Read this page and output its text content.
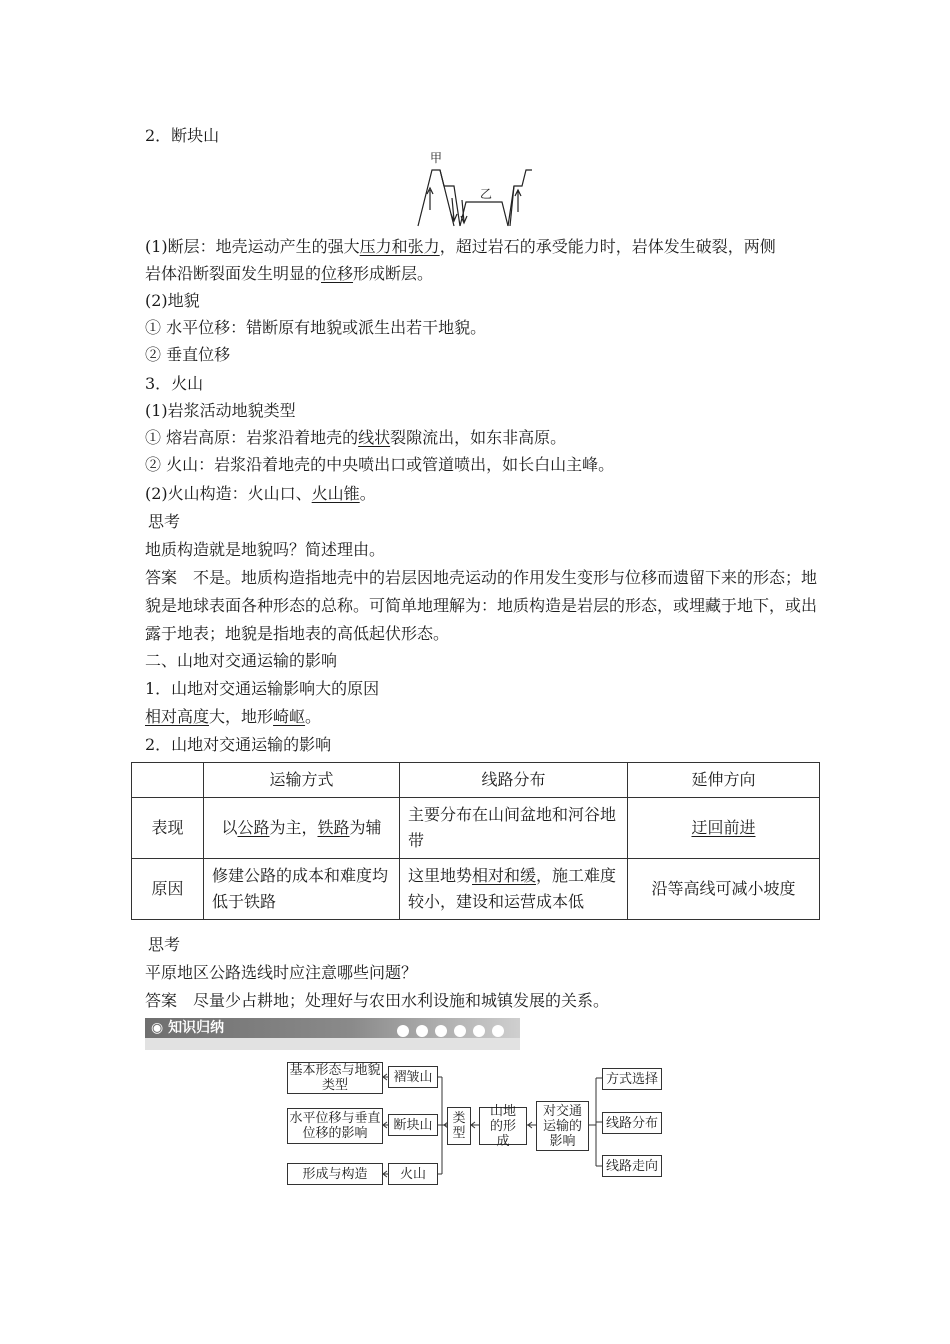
2．断块山
甲
乙
(1)断层：地壳运动产生的强大压力和张力，超过岩石的承受能力时，岩体发生破裂，两侧
岩体沿断裂面发生明显的位移形成断层。
(2)地貌
① 水平位移：错断原有地貌或派生出若干地貌。
② 垂直位移
3．火山
(1)岩浆活动地貌类型
① 熔岩高原：岩浆沿着地壳的线状裂隙流出，如东非高原。
② 火山：岩浆沿着地壳的中央喷出口或管道喷出，如长白山主峰。
(2)火山构造：火山口、火山锥。
思考
地质构造就是地貌吗？简述理由。
答案　不是。地质构造指地壳中的岩层因地壳运动的作用发生变形与位移而遗留下来的形态；地貌是地球表面各种形态的总称。可简单地理解为：地质构造是岩层的形态，或埋藏于地下，或出露于地表；地貌是指地表的高低起伏形态。
二、山地对交通运输的影响
1．山地对交通运输影响大的原因
相对高度大，地形崎岖。
2．山地对交通运输的影响
	运输方式	线路分布	延伸方向
表现	以公路为主，铁路为辅	主要分布在山间盆地和河谷地带	迂回前进
原因	修建公路的成本和难度均低于铁路	这里地势相对和缓，施工难度较小，建设和运营成本低	沿等高线可减小坡度
思考
平原地区公路选线时应注意哪些问题？
答案　尽量少占耕地；处理好与农田水利设施和城镇发展的关系。
◉ 知识归纳
基本形态与地貌类型
褶皱山
水平位移与垂直位移的影响
断块山
形成与构造	火山
类型
山地的形成
对交通运输的影响
方式选择
线路分布
线路走向
